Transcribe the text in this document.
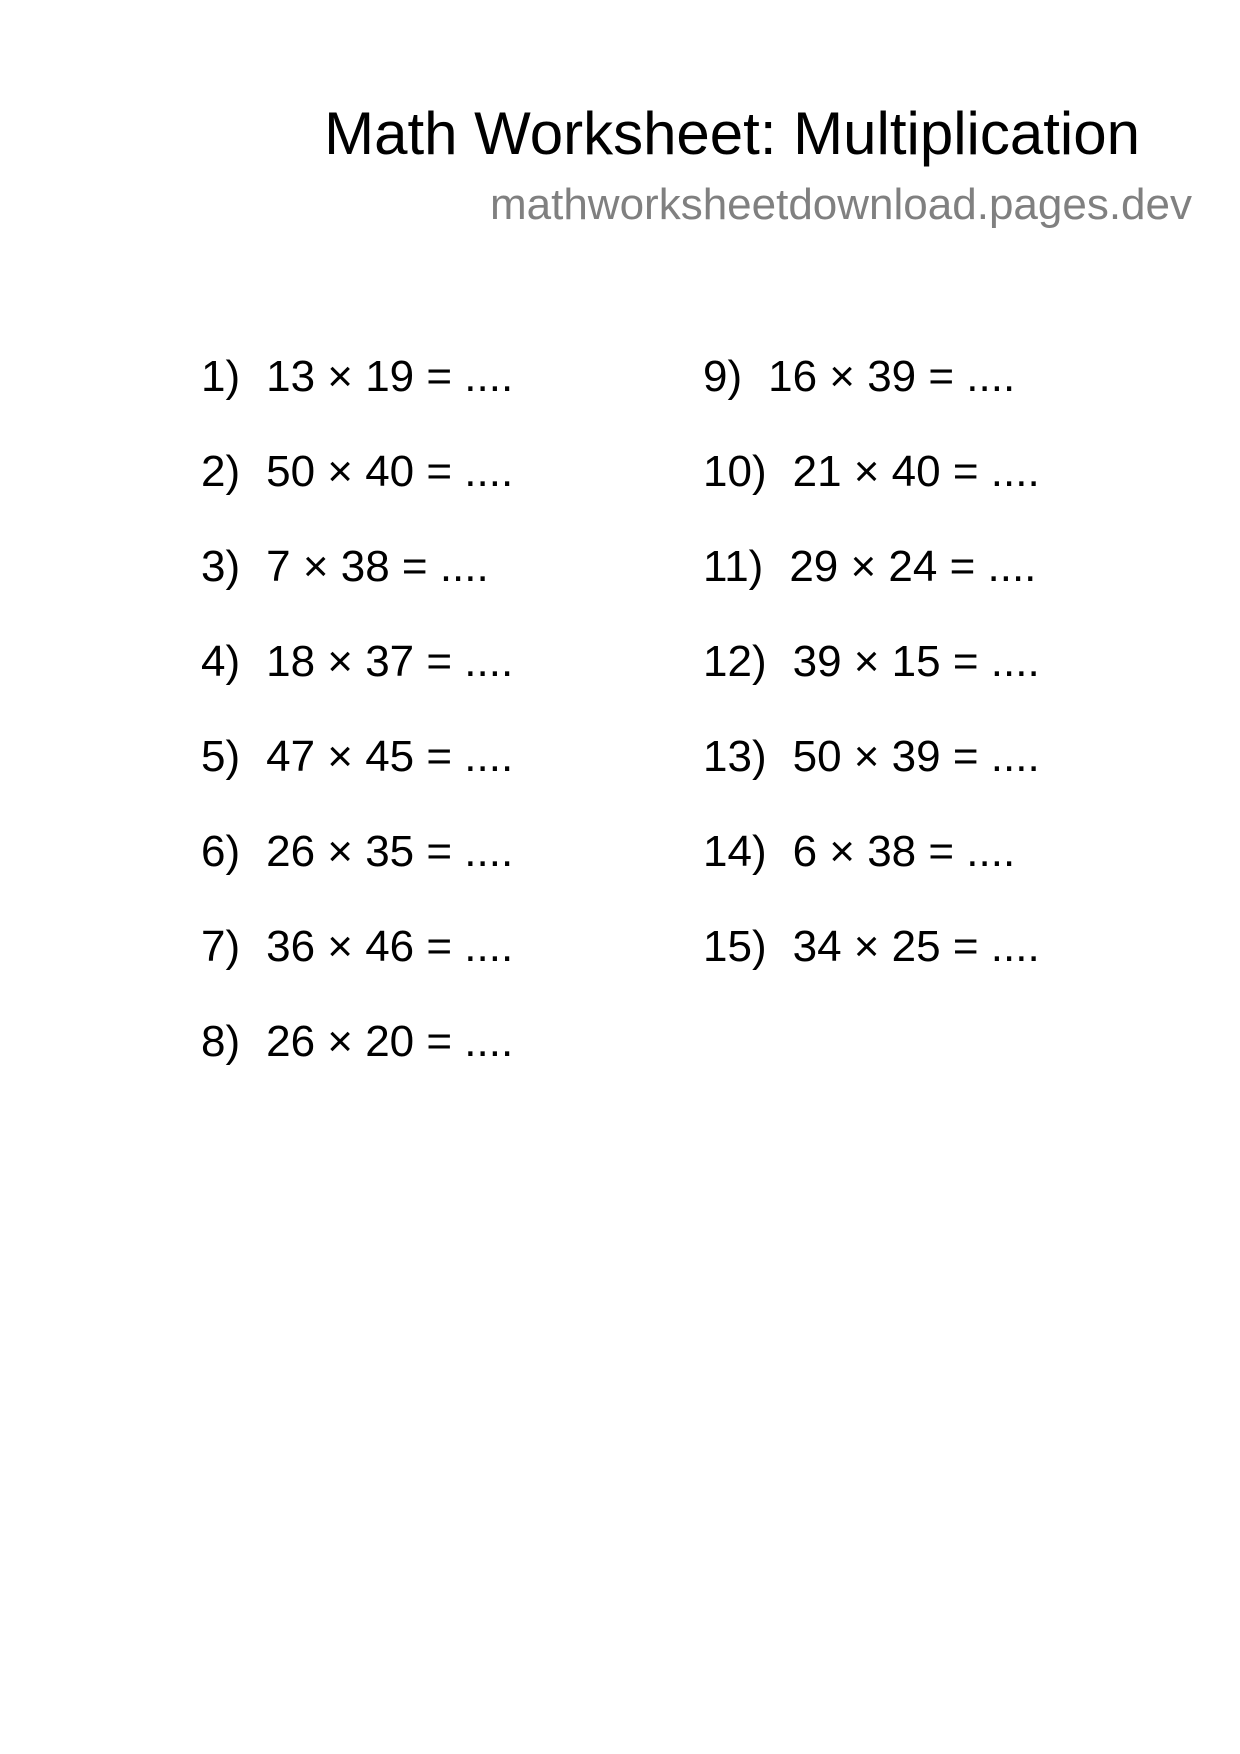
Math Worksheet: Multiplication
mathworksheetdownload.pages.dev
1) 13 × 19 = ....
2) 50 × 40 = ....
3) 7 × 38 = ....
4) 18 × 37 = ....
5) 47 × 45 = ....
6) 26 × 35 = ....
7) 36 × 46 = ....
8) 26 × 20 = ....
9) 16 × 39 = ....
10) 21 × 40 = ....
11) 29 × 24 = ....
12) 39 × 15 = ....
13) 50 × 39 = ....
14) 6 × 38 = ....
15) 34 × 25 = ....
